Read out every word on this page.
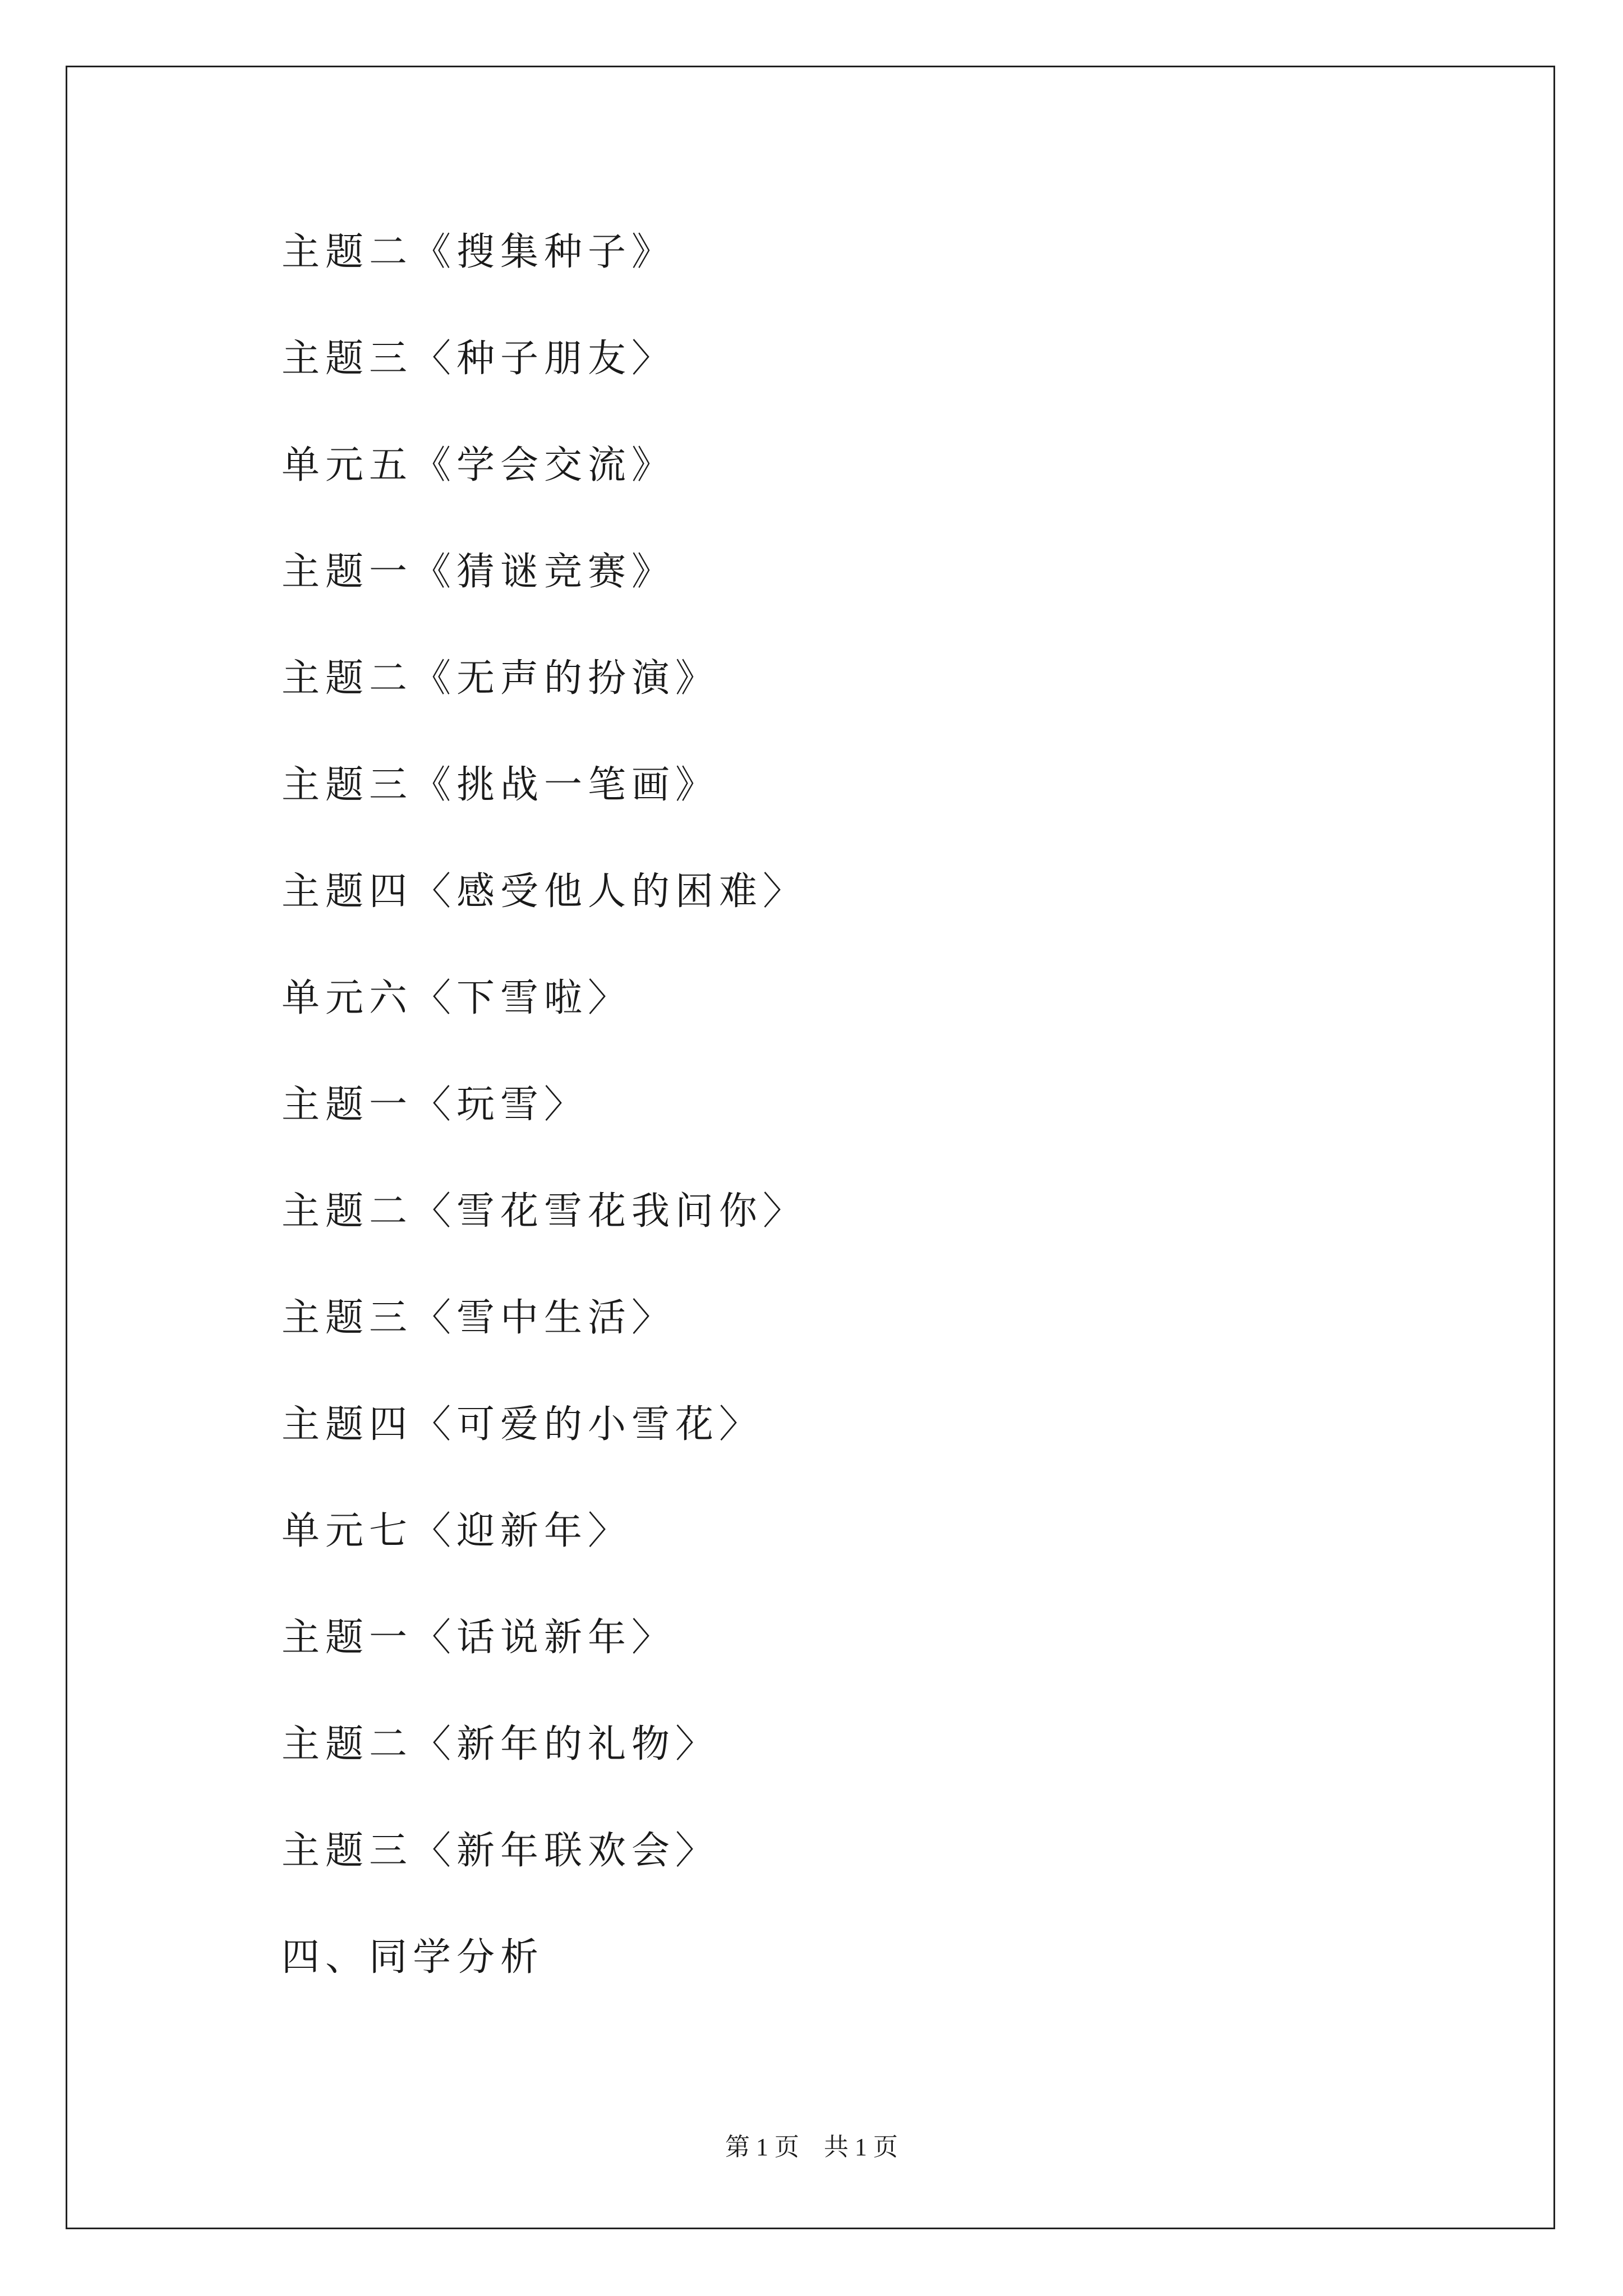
主题二《搜集种子》
主题三〈种子朋友〉
单元五《学会交流》
主题一《猜谜竞赛》
主题二《无声的扮演》
主题三《挑战一笔画》
主题四〈感受他人的困难〉
单元六〈下雪啦〉
主题一〈玩雪〉
主题二〈雪花雪花我问你〉
主题三〈雪中生活〉
主题四〈可爱的小雪花〉
单元七〈迎新年〉
主题一〈话说新年〉
主题二〈新年的礼物〉
主题三〈新年联欢会〉
四、同学分析
第 1 页    共 1 页
